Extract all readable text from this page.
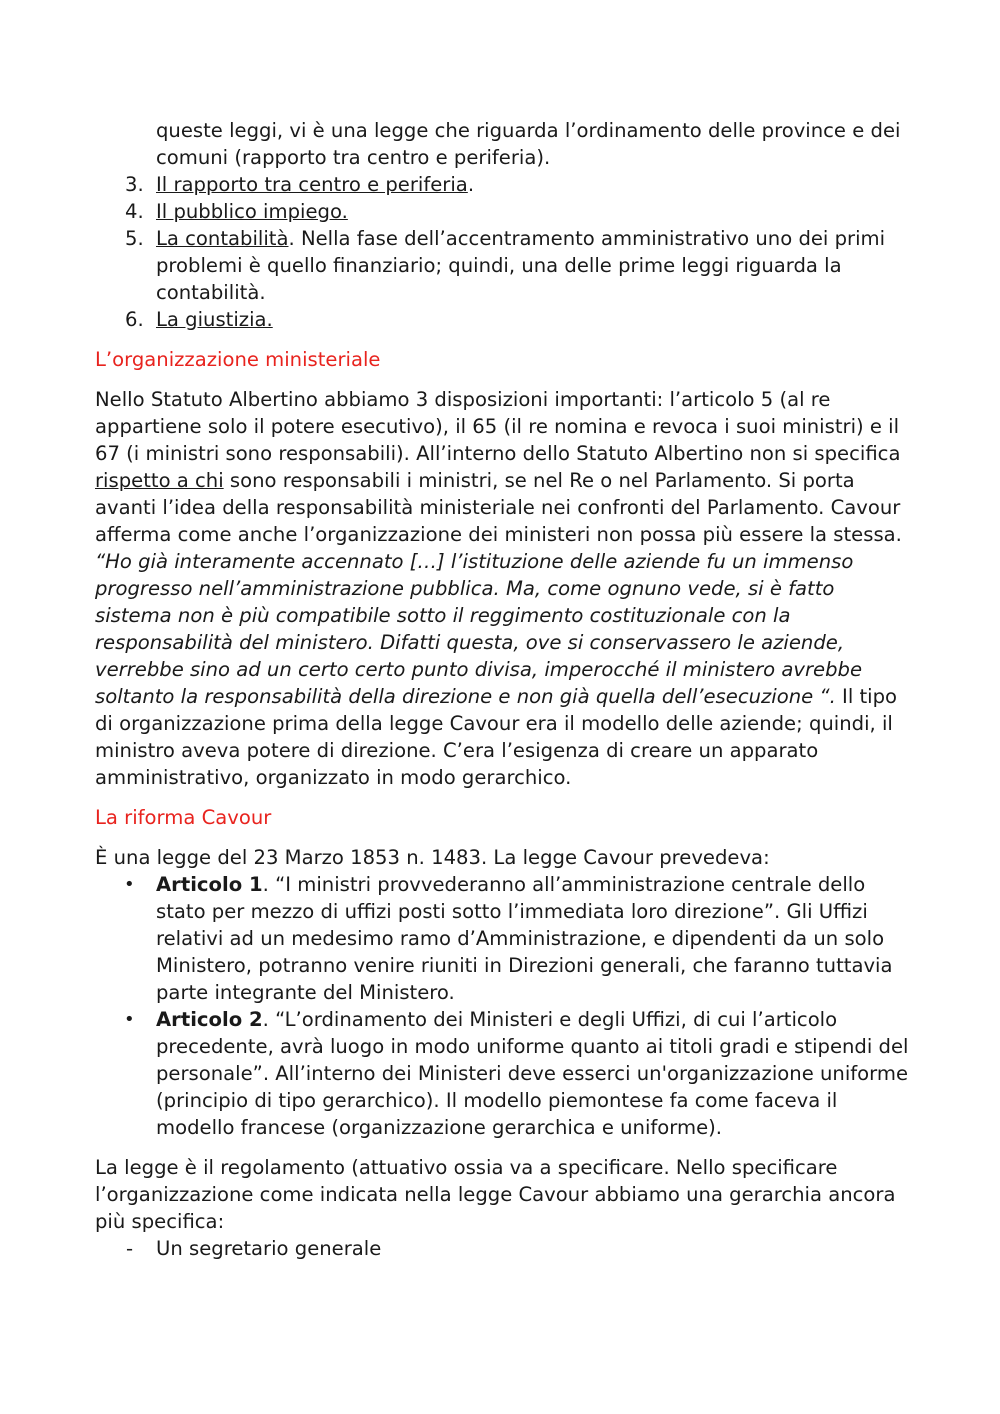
queste leggi, vi è una legge che riguarda l’ordinamento delle province e dei comuni (rapporto tra centro e periferia).

3. Il rapporto tra centro e periferia.
4. Il pubblico impiego.
5. La contabilità. Nella fase dell’accentramento amministrativo uno dei primi problemi è quello finanziario; quindi, una delle prime leggi riguarda la contabilità.
6. La giustizia.

L’organizzazione ministeriale

Nello Statuto Albertino abbiamo 3 disposizioni importanti: l’articolo 5 (al re appartiene solo il potere esecutivo), il 65 (il re nomina e revoca i suoi ministri) e il 67 (i ministri sono responsabili). All’interno dello Statuto Albertino non si specifica rispetto a chi sono responsabili i ministri, se nel Re o nel Parlamento. Si porta avanti l’idea della responsabilità ministeriale nei confronti del Parlamento. Cavour afferma come anche l’organizzazione dei ministeri non possa più essere la stessa. “Ho già interamente accennato […] l’istituzione delle aziende fu un immenso progresso nell’amministrazione pubblica. Ma, come ognuno vede, si è fatto sistema non è più compatibile sotto il reggimento costituzionale con la responsabilità del ministero. Difatti questa, ove si conservassero le aziende, verrebbe sino ad un certo certo punto divisa, imperocché il ministero avrebbe soltanto la responsabilità della direzione e non già quella dell’esecuzione “. Il tipo di organizzazione prima della legge Cavour era il modello delle aziende; quindi, il ministro aveva potere di direzione. C’era l’esigenza di creare un apparato amministrativo, organizzato in modo gerarchico.

La riforma Cavour

È una legge del 23 Marzo 1853 n. 1483. La legge Cavour prevedeva:

• Articolo 1. “I ministri provvederanno all’amministrazione centrale dello stato per mezzo di uffizi posti sotto l’immediata loro direzione”. Gli Uffizi relativi ad un medesimo ramo d’Amministrazione, e dipendenti da un solo Ministero, potranno venire riuniti in Direzioni generali, che faranno tuttavia parte integrante del Ministero.
• Articolo 2. “L’ordinamento dei Ministeri e degli Uffizi, di cui l’articolo precedente, avrà luogo in modo uniforme quanto ai titoli gradi e stipendi del personale”. All’interno dei Ministeri deve esserci un'organizzazione uniforme (principio di tipo gerarchico). Il modello piemontese fa come faceva il modello francese (organizzazione gerarchica e uniforme).

La legge è il regolamento (attuativo ossia va a specificare. Nello specificare l’organizzazione come indicata nella legge Cavour abbiamo una gerarchia ancora più specifica:

- Un segretario generale
